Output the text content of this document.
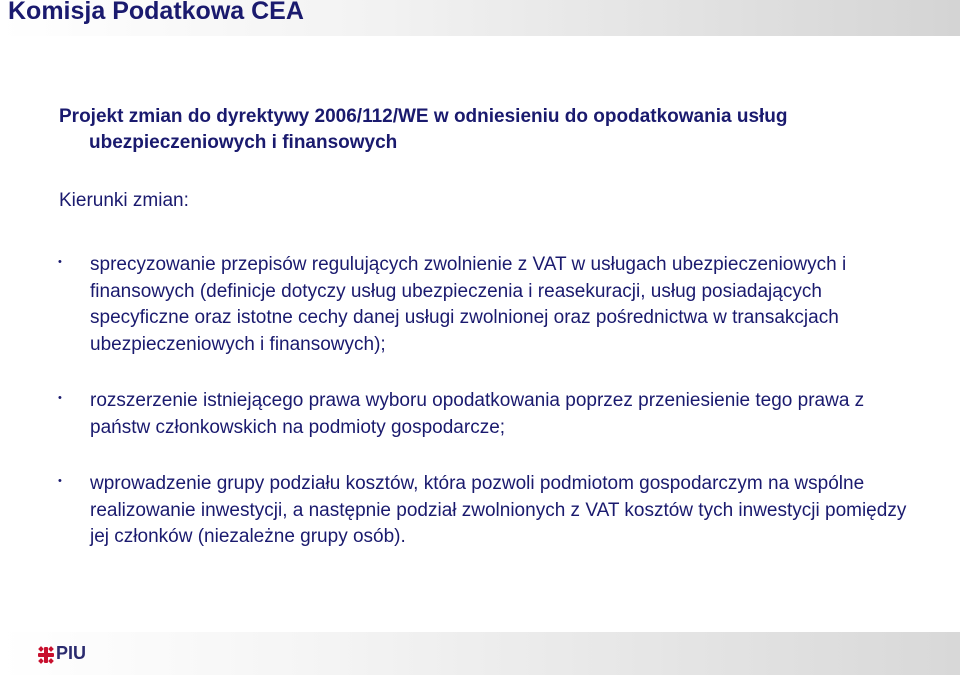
Komisja Podatkowa CEA
Projekt zmian do dyrektywy 2006/112/WE w odniesieniu do opodatkowania usług
ubezpieczeniowych i finansowych
Kierunki zmian:
• sprecyzowanie przepisów regulujących zwolnienie z VAT w usługach ubezpieczeniowych i finansowych (definicje dotyczy usług ubezpieczenia i reasekuracji, usług posiadających specyficzne oraz istotne cechy danej usługi zwolnionej oraz pośrednictwa w transakcjach ubezpieczeniowych i finansowych);
• rozszerzenie istniejącego prawa wyboru opodatkowania poprzez przeniesienie tego prawa z państw członkowskich na podmioty gospodarcze;
• wprowadzenie grupy podziału kosztów, która pozwoli podmiotom gospodarczym na wspólne realizowanie inwestycji, a następnie podział zwolnionych z VAT kosztów tych inwestycji pomiędzy jej członków (niezależne grupy osób).
PIU
